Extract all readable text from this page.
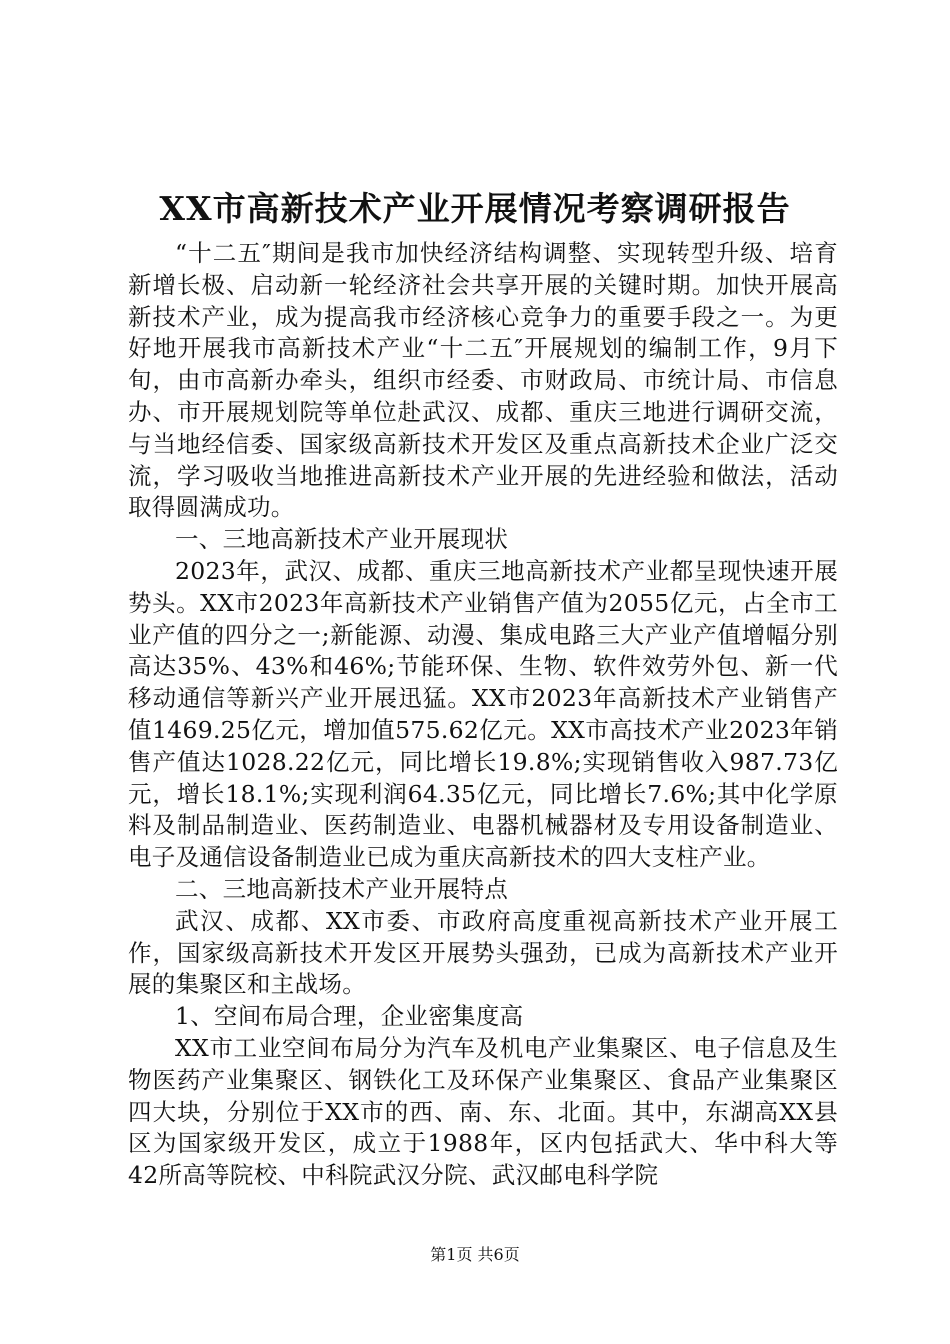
XX市高新技术产业开展情况考察调研报告

“十二五″期间是我市加快经济结构调整、实现转型升级、培育新增长极、启动新一轮经济社会共享开展的关键时期。加快开展高新技术产业，成为提高我市经济核心竞争力的重要手段之一。为更好地开展我市高新技术产业“十二五″开展规划的编制工作，9月下旬，由市高新办牵头，组织市经委、市财政局、市统计局、市信息办、市开展规划院等单位赴武汉、成都、重庆三地进行调研交流，与当地经信委、国家级高新技术开发区及重点高新技术企业广泛交流，学习吸收当地推进高新技术产业开展的先进经验和做法，活动取得圆满成功。

一、三地高新技术产业开展现状

2023年，武汉、成都、重庆三地高新技术产业都呈现快速开展势头。XX市2023年高新技术产业销售产值为2055亿元，占全市工业产值的四分之一;新能源、动漫、集成电路三大产业产值增幅分别高达35%、43%和46%;节能环保、生物、软件效劳外包、新一代移动通信等新兴产业开展迅猛。XX市2023年高新技术产业销售产值1469.25亿元，增加值575.62亿元。XX市高技术产业2023年销售产值达1028.22亿元，同比增长19.8%;实现销售收入987.73亿元，增长18.1%;实现利润64.35亿元，同比增长7.6%;其中化学原料及制品制造业、医药制造业、电器机械器材及专用设备制造业、电子及通信设备制造业已成为重庆高新技术的四大支柱产业。

二、三地高新技术产业开展特点

武汉、成都、XX市委、市政府高度重视高新技术产业开展工作，国家级高新技术开发区开展势头强劲，已成为高新技术产业开展的集聚区和主战场。

1、空间布局合理，企业密集度高

XX市工业空间布局分为汽车及机电产业集聚区、电子信息及生物医药产业集聚区、钢铁化工及环保产业集聚区、食品产业集聚区四大块，分别位于XX市的西、南、东、北面。其中，东湖高XX县区为国家级开发区，成立于1988年，区内包括武大、华中科大等42所高等院校、中科院武汉分院、武汉邮电科学院

第1页 共6页
